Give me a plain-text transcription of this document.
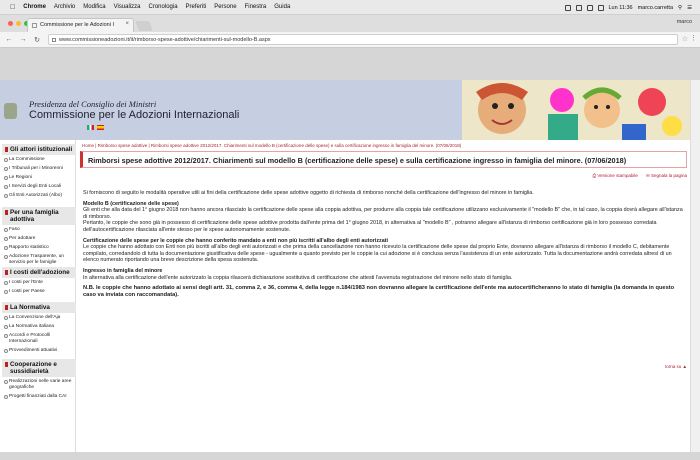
Chrome Archivio Modifica Visualizza Cronologia Preferiti Persone Finestra Guida	Lun 11:36 marco.carretta ⚲ ☰
Commissione per le Adozioni I ×	marco
← → ↻	www.commissioneadozioni.it/it/rimborso-spese-adottive/chiarimenti-sul-modello-B.aspx	☆ ⋮
Presidenza del Consiglio dei Ministri
Commissione per le Adozioni Internazionali
Gli attori istituzionali
La Commissione
I Tribunali per i Minorenni
Le Regioni
I Servizi degli Enti Locali
Gli Enti Autorizzati (Albo)
Per una famiglia adottiva
Faso
Per adottare
Rapporto statistico
Adozione Trasparente, un servizio per le famiglie
I costi dell'adozione
I costi per l'Ente
I costi per Paese
La Normativa
La Convenzione dell'Aja
La Normativa italiana
Accordi e Protocolli Internazionali
Provvedimenti attuativi
Cooperazione e sussidiarietà
Realizzazioni nelle varie aree geografiche
Progetti finanziati dalla CAI
Home | Rimborso spese adottive | Rimborsi spese adottive 2012/2017. Chiarimenti sul modello B (certificazione delle spese) e sulla certificazione ingresso in famiglia del minore. (07/06/2018)
Rimborsi spese adottive 2012/2017. Chiarimenti sul modello B (certificazione delle spese) e sulla certificazione ingresso in famiglia del minore. (07/06/2018)
⎙ Versione stampabile ✉ Segnala la pagina
Si forniscono di seguito le modalità operative utili ai fini della certificazione delle spese adottive oggetto di richiesta di rimborso nonché della certificazione dell'ingresso del minore in famiglia.
Modello B (certificazione delle spese)
Gli enti che alla data del 1° giugno 2018 non hanno ancora rilasciato la certificazione delle spese alla coppia adottiva, per produrre alla coppia tale certificazione utilizzano esclusivamente il "modello B" che, in tal caso, la coppia dovrà allegare all'istanza di rimborso.
Pertanto, le coppie che sono già in possesso di certificazione delle spese adottive prodotta dall'ente prima del 1° giugno 2018, in alternativa al "modello B" , potranno allegare all'istanza di rimborso certificazione già in loro possesso corredata dell'autocertificazione rilasciata all'ente stesso per le spese autonomamente sostenute.
Certificazione delle spese per le coppie che hanno conferito mandato a enti non più iscritti all'albo degli enti autorizzati
Le coppie che hanno adottato con Enti non più iscritti all'albo degli enti autorizzati e che prima della cancellazione non hanno ricevuto la certificazione delle spese dal proprio Ente, dovranno allegare all'istanza di rimborso il modello C, debitamente compilato, corredandolo di tutta la documentazione giustificativa delle spese - ugualmente a quanto previsto per le coppie la cui adozione si è conclusa senza l'assistenza di un ente autorizzato. Tutta la documentazione andrà corredata altresì di un elenco numerato riportando una breve descrizione della spesa sostenuta.
Ingresso in famiglia del minore
In alternativa alla certificazione dell'ente autorizzato la coppia rilascerà dichiarazione sostitutiva di certificazione che attesti l'avvenuta registrazione del minore nello stato di famiglia.
N.B. le coppie che hanno adottato ai sensi degli artt. 31, comma 2, e 36, comma 4, della legge n.184/1983 non dovranno allegare la certificazione dell'ente ma autocertificheranno lo stato di famiglia (la domanda in questo caso va inviata con raccomandata).
torna su ▲
